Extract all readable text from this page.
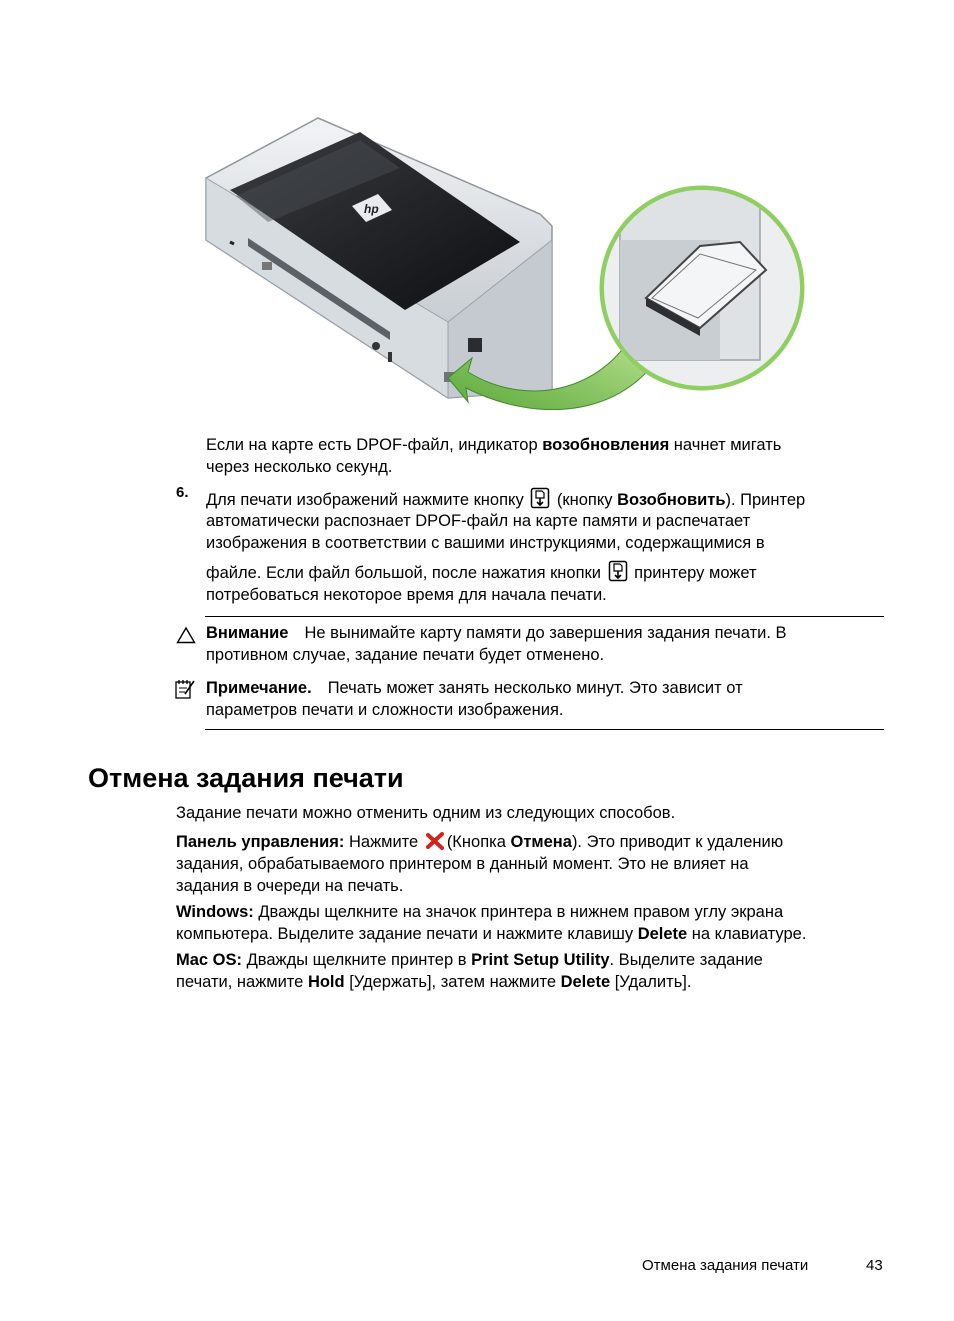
hp
Если на карте есть DPOF-файл, индикатор возобновления начнет мигать
через несколько секунд.
6. Для печати изображений нажмите кнопку (кнопку Возобновить). Принтер
автоматически распознает DPOF-файл на карте памяти и распечатает
изображения в соответствии с вашими инструкциями, содержащимися в
файле. Если файл большой, после нажатия кнопки принтеру может
потребоваться некоторое время для начала печати.
Внимание Не вынимайте карту памяти до завершения задания печати. В
противном случае, задание печати будет отменено.
Примечание. Печать может занять несколько минут. Это зависит от
параметров печати и сложности изображения.
Отмена задания печати
Задание печати можно отменить одним из следующих способов.
Панель управления: Нажмите (Кнопка Отмена). Это приводит к удалению
задания, обрабатываемого принтером в данный момент. Это не влияет на
задания в очереди на печать.
Windows: Дважды щелкните на значок принтера в нижнем правом углу экрана
компьютера. Выделите задание печати и нажмите клавишу Delete на клавиатуре.
Mac OS: Дважды щелкните принтер в Print Setup Utility. Выделите задание
печати, нажмите Hold [Удержать], затем нажмите Delete [Удалить].
Отмена задания печати	43
